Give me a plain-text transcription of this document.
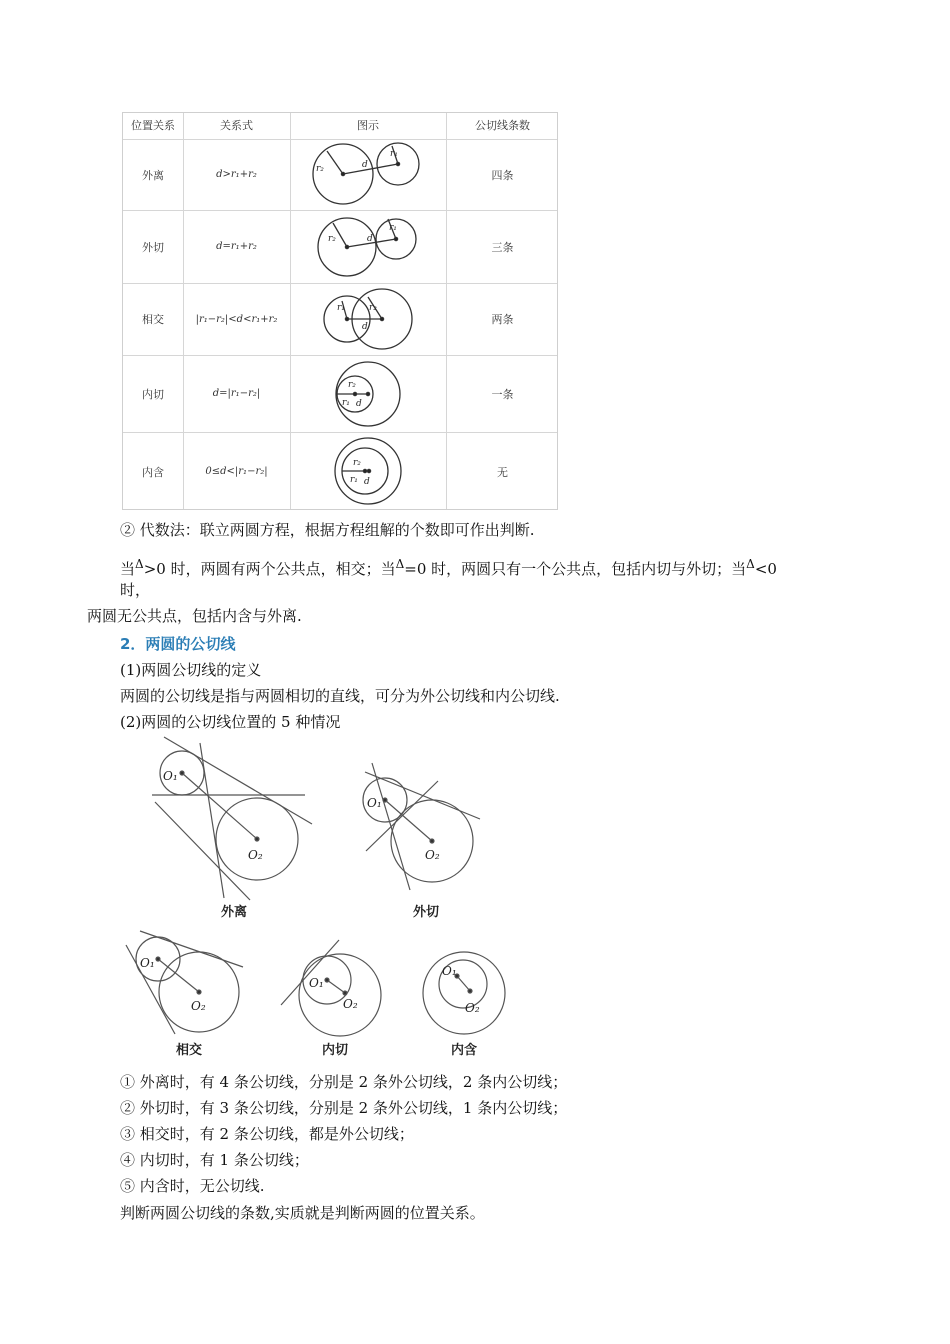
位置关系	关系式	图示	公切线条数
外离	d>r₁+r₂	四条
外切	d=r₁+r₂	三条
相交	|r₁−r₂|<d<r₁+r₂	两条
内切	d=|r₁−r₂|	一条
内含	0≤d<|r₁−r₂|	无
r₂	d
r₁
r₂	d
r₁
r₁	r₂
d
r₂
r₁ d
r₂
r₁ d
② 代数法：联立两圆方程，根据方程组解的个数即可作出判断.
当$^\Delta$>0 时，两圆有两个公共点，相交；当$^\Delta$=0 时，两圆只有一个公共点，包括内切与外切；当$^\Delta$<0
时，
两圆无公共点，包括内含与外离.
2．两圆的公切线
(1)两圆公切线的定义
两圆的公切线是指与两圆相切的直线，可分为外公切线和内公切线.
(2)两圆的公切线位置的 5 种情况
O₁
O₂
外离
O₁
O₂
外切
O₁
O₂
相交
O₁
O₂
内切
O₁
O₂
内含
① 外离时，有 4 条公切线，分别是 2 条外公切线，2 条内公切线；
② 外切时，有 3 条公切线，分别是 2 条外公切线，1 条内公切线；
③ 相交时，有 2 条公切线，都是外公切线；
④ 内切时，有 1 条公切线；
⑤ 内含时，无公切线.
判断两圆公切线的条数,实质就是判断两圆的位置关系。
